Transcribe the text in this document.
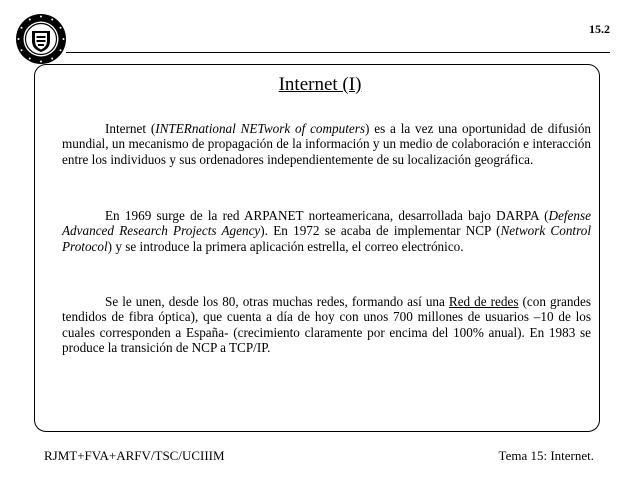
15.2
Internet (I)

Internet (INTERnational NETwork of computers) es a la vez una oportunidad de difusión mundial, un mecanismo de propagación de la información y un medio de colaboración e interacción entre los individuos y sus ordenadores independientemente de su localización geográfica.

En 1969 surge de la red ARPANET norteamericana, desarrollada bajo DARPA (Defense Advanced Research Projects Agency). En 1972 se acaba de implementar NCP (Network Control Protocol) y se introduce la primera aplicación estrella, el correo electrónico.

Se le unen, desde los 80, otras muchas redes, formando así una Red de redes (con grandes tendidos de fibra óptica), que cuenta a día de hoy con unos 700 millones de usuarios –10 de los cuales corresponden a España- (crecimiento claramente por encima del 100% anual). En 1983 se produce la transición de NCP a TCP/IP.

RJMT+FVA+ARFV/TSC/UCIIIM	Tema 15: Internet.
